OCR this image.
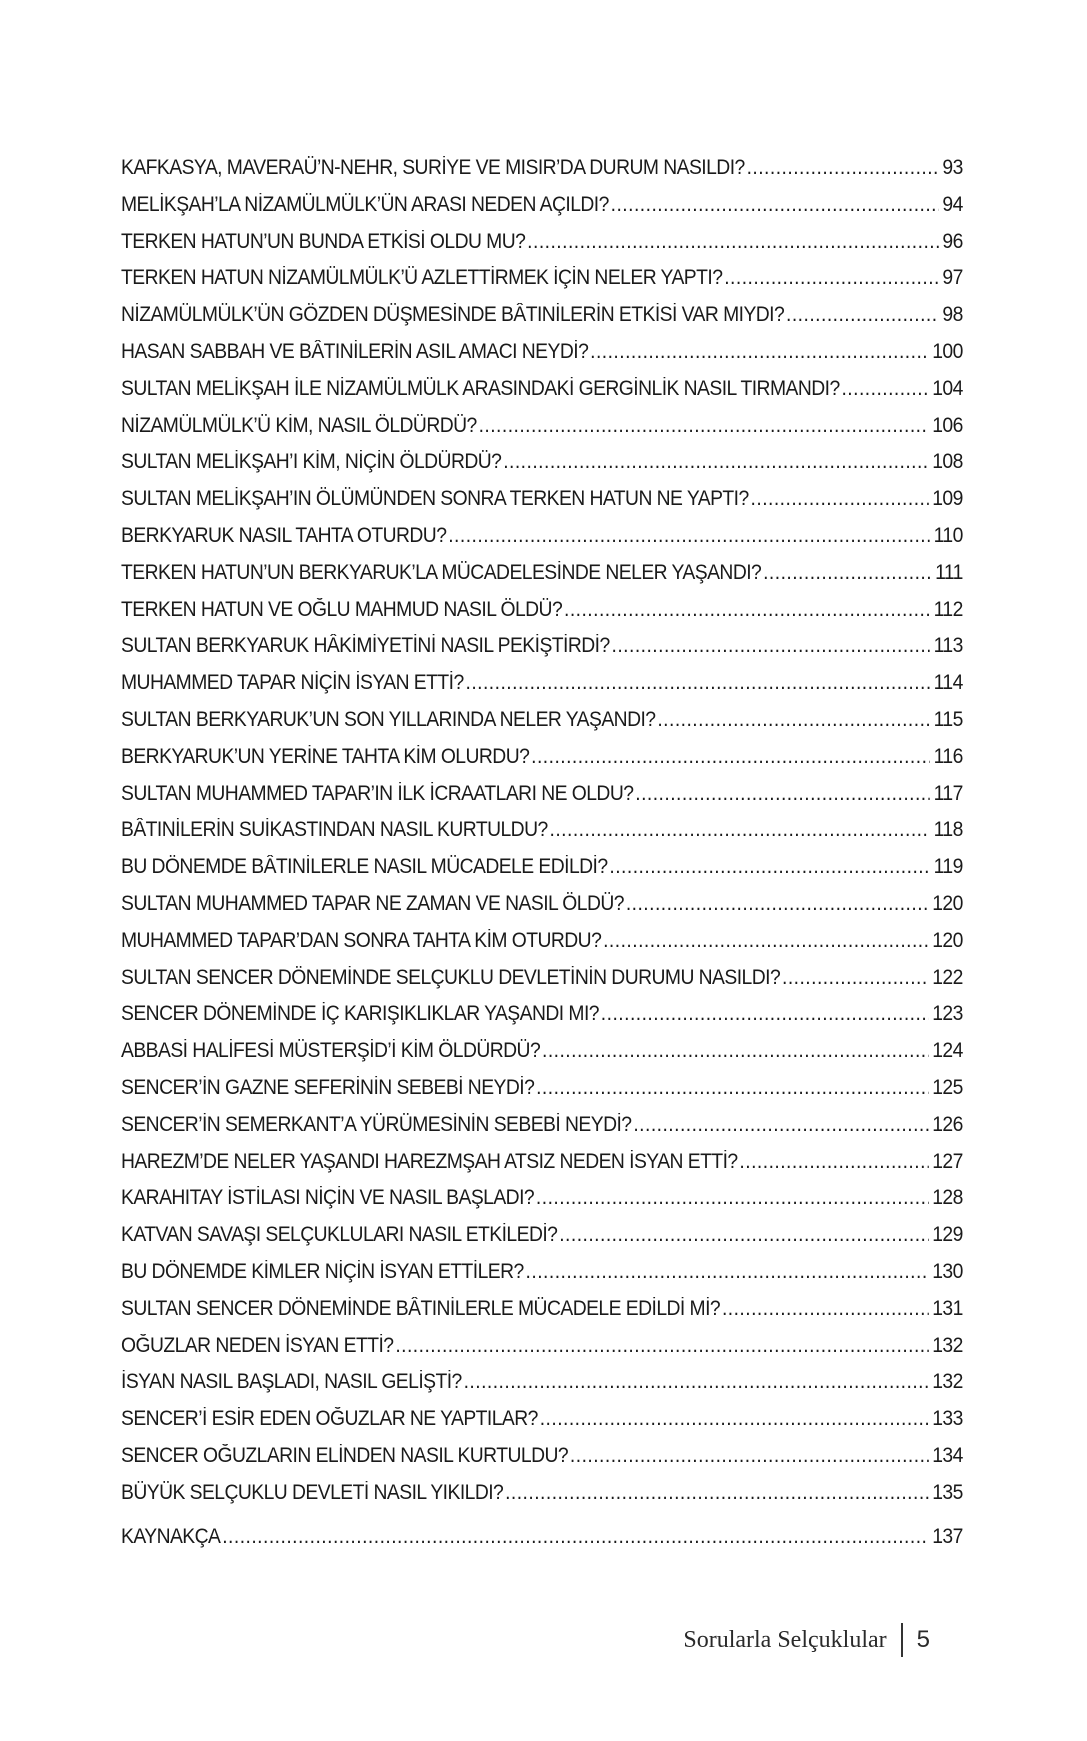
KAFKASYA, MAVERAÜ’N-NEHR, SURİYE VE MISIR’DA DURUM NASILDI? .....	93
MELİKŞAH’LA NİZAMÜLMÜLK’ÜN ARASI NEDEN AÇILDI? .....	94
TERKEN HATUN’UN BUNDA ETKİSİ OLDU MU? .....	96
TERKEN HATUN NİZAMÜLMÜLK’Ü AZLETTİRMEK İÇİN NELER YAPTI? .....	97
NİZAMÜLMÜLK’ÜN GÖZDEN DÜŞMESİNDE BÂTINİLERİN ETKİSİ VAR MIYDI? .....	98
HASAN SABBAH VE BÂTINİLERİN ASIL AMACI NEYDİ? .....	100
SULTAN MELİKŞAH İLE NİZAMÜLMÜLK ARASINDAKİ GERGİNLİK NASIL TIRMANDI? .....	104
NİZAMÜLMÜLK’Ü KİM, NASIL ÖLDÜRDÜ? .....	106
SULTAN MELİKŞAH’I KİM, NİÇİN ÖLDÜRDÜ? .....	108
SULTAN MELİKŞAH’IN ÖLÜMÜNDEN SONRA TERKEN HATUN NE YAPTI? .....	109
BERKYARUK NASIL TAHTA OTURDU? .....	110
TERKEN HATUN’UN BERKYARUK’LA MÜCADELESİNDE NELER YAŞANDI? .....	111
TERKEN HATUN VE OĞLU MAHMUD NASIL ÖLDÜ? .....	112
SULTAN BERKYARUK HÂKİMİYETİNİ NASIL PEKİŞTİRDİ? .....	113
MUHAMMED TAPAR NİÇİN İSYAN ETTİ? .....	114
SULTAN BERKYARUK’UN SON YILLARINDA NELER YAŞANDI? .....	115
BERKYARUK’UN YERİNE TAHTA KİM OLURDU? .....	116
SULTAN MUHAMMED TAPAR’IN İLK İCRAATLARI NE OLDU? .....	117
BÂTINİLERİN SUİKASTINDAN NASIL KURTULDU? .....	118
BU DÖNEMDE BÂTINİLERLE NASIL MÜCADELE EDİLDİ? .....	119
SULTAN MUHAMMED TAPAR NE ZAMAN VE NASIL ÖLDÜ? .....	120
MUHAMMED TAPAR’DAN SONRA TAHTA KİM OTURDU? .....	120
SULTAN SENCER DÖNEMİNDE SELÇUKLU DEVLETİNİN DURUMU NASILDI? .....	122
SENCER DÖNEMİNDE İÇ KARIŞIKLIKLAR YAŞANDI MI? .....	123
ABBASİ HALİFESİ MÜSTERŞİD’İ KİM ÖLDÜRDÜ? .....	124
SENCER’İN GAZNE SEFERİNİN SEBEBİ NEYDİ? .....	125
SENCER’İN SEMERKANT’A YÜRÜMESİNİN SEBEBİ NEYDİ? .....	126
HAREZM’DE NELER YAŞANDI HAREZMŞAH ATSIZ NEDEN İSYAN ETTİ? .....	127
KARAHITAY İSTİLASI NİÇİN VE NASIL BAŞLADI? .....	128
KATVAN SAVAŞI SELÇUKLULARI NASIL ETKİLEDİ? .....	129
BU DÖNEMDE KİMLER NİÇİN İSYAN ETTİLER? .....	130
SULTAN SENCER DÖNEMİNDE BÂTINİLERLE MÜCADELE EDİLDİ Mİ? .....	131
OĞUZLAR NEDEN İSYAN ETTİ? .....	132
İSYAN NASIL BAŞLADI, NASIL GELİŞTİ? .....	132
SENCER’İ ESİR EDEN OĞUZLAR NE YAPTILAR? .....	133
SENCER OĞUZLARIN ELİNDEN NASIL KURTULDU? .....	134
BÜYÜK SELÇUKLU DEVLETİ NASIL YIKILDI? .....	135
KAYNAKÇA .....	137
Sorularla Selçuklular 5
